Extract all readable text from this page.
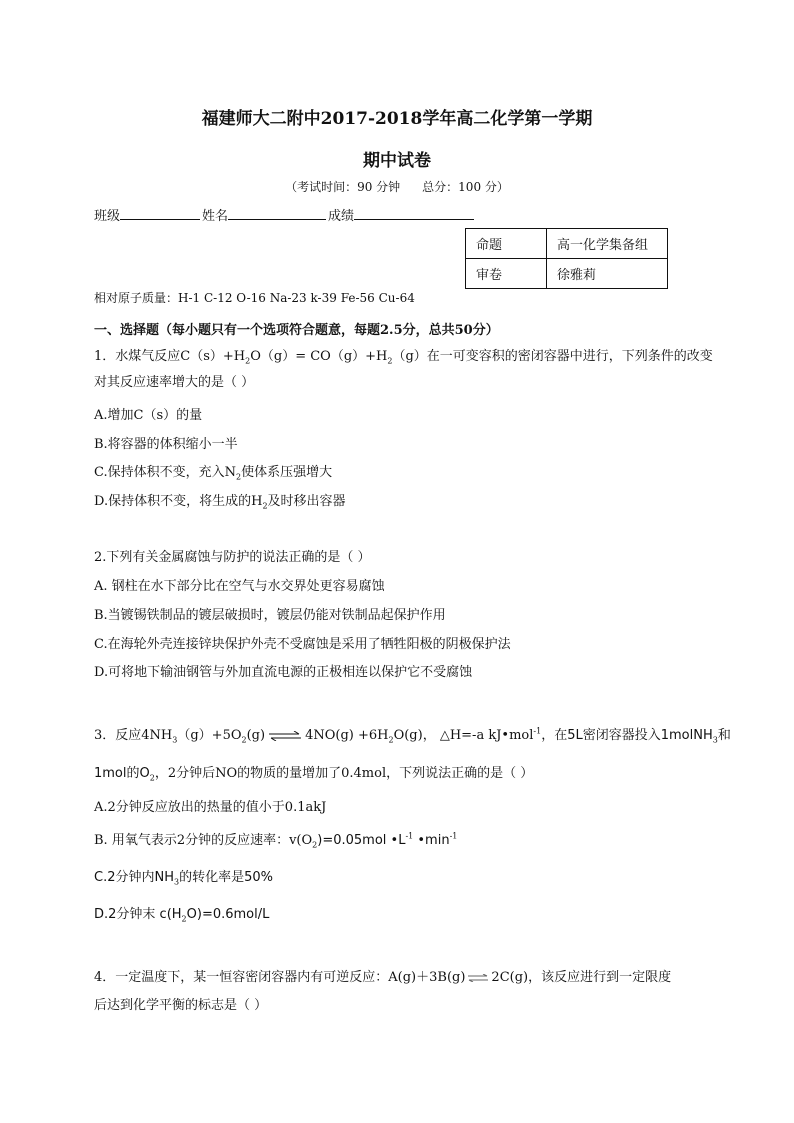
福建师大二附中2017-2018学年高二化学第一学期
期中试卷
（考试时间：90 分钟 总分：100 分）
班级	姓名	成绩
命题	高一化学集备组
审卷	徐雅莉
相对原子质量：H-1 C-12 O-16 Na-23 k-39 Fe-56 Cu-64
一、选择题（每小题只有一个选项符合题意，每题2.5分，总共50分）
1．水煤气反应$C(s)+H_2O(g)= CO(g)+H_2(g)$在一可变容积的密闭容器中进行，下列条件的改变
对其反应速率增大的是（ ）
A.增加C（s）的量
B.将容器的体积缩小一半
C.保持体积不变，充入$N_2$使体系压强增大
D.保持体积不变，将生成的$H_2$及时移出容器
2.下列有关金属腐蚀与防护的说法正确的是（ ）
A. 钢柱在水下部分比在空气与水交界处更容易腐蚀
B.当镀锡铁制品的镀层破损时，镀层仍能对铁制品起保护作用
C.在海轮外壳连接锌块保护外壳不受腐蚀是采用了牺牲阳极的阴极保护法
D.可将地下输油钢管与外加直流电源的正极相连以保护它不受腐蚀
3．反应$4NH_3(g)+5O_2(g)$ ⇌ $4NO(g) +6H_2O(g)$， △H=-a kJ•mol$^{-1}$，在5L密闭容器投入1molNH$_3$和
1mol的$O_2$，2分钟后NO的物质的量增加了0.4mol，下列说法正确的是（ ）
A.2分钟反应放出的热量的值小于0.1akJ
B. 用氧气表示2分钟的反应速率：$v(O_2)=0.05mol$ $•L^{-1}$ $•\min^{-1}$
C.2分钟内$NH_3$的转化率是50%
D.2分钟末 $c(H_2O)=0.6mol/L$
4．一定温度下，某一恒容密闭容器内有可逆反应：A(g)＋3B(g) ⇌ 2C(g)，该反应进行到一定限度
后达到化学平衡的标志是（ ）
